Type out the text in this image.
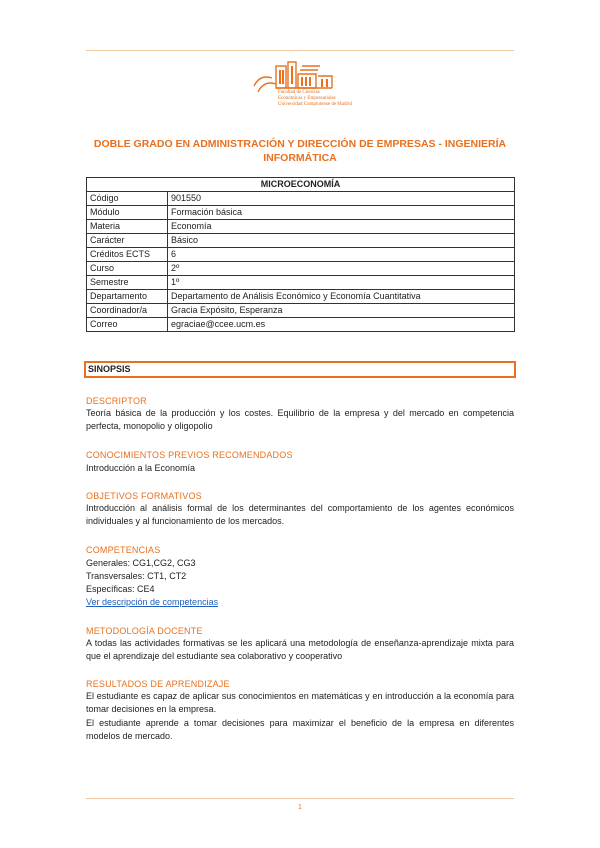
Facultad de Ciencias
Económicas y Empresariales
Universidad Complutense de Madrid
DOBLE GRADO EN ADMINISTRACIÓN Y DIRECCIÓN DE EMPRESAS - INGENIERÍA INFORMÁTICA
MICROECONOMÍA	
Código	901550
Módulo	Formación básica
Materia	Economía
Carácter	Básico
Créditos ECTS	6
Curso	2º
Semestre	1º
Departamento	Departamento de Análisis Económico y Economía Cuantitativa
Coordinador/a	Gracia Expósito, Esperanza
Correo	egraciae@ccee.ucm.es
SINOPSIS
DESCRIPTOR
Teoría básica de la producción y los costes. Equilibrio de la empresa y del mercado en competencia perfecta, monopolio y oligopolio
CONOCIMIENTOS PREVIOS RECOMENDADOS
Introducción a la Economía
OBJETIVOS FORMATIVOS
Introducción al análisis formal de los determinantes del comportamiento de los agentes económicos individuales y al funcionamiento de los mercados.
COMPETENCIAS
Generales: CG1,CG2, CG3
Transversales: CT1, CT2
Específicas: CE4
Ver descripción de competencias
METODOLOGÍA DOCENTE
A todas las actividades formativas se les aplicará una metodología de enseñanza-aprendizaje mixta para que el aprendizaje del estudiante sea colaborativo y cooperativo
RESULTADOS DE APRENDIZAJE
El estudiante es capaz de aplicar sus conocimientos en matemáticas y en introducción a la economía para tomar decisiones en la empresa.
El estudiante aprende a tomar decisiones para maximizar el beneficio de la empresa en diferentes modelos de mercado.
1
